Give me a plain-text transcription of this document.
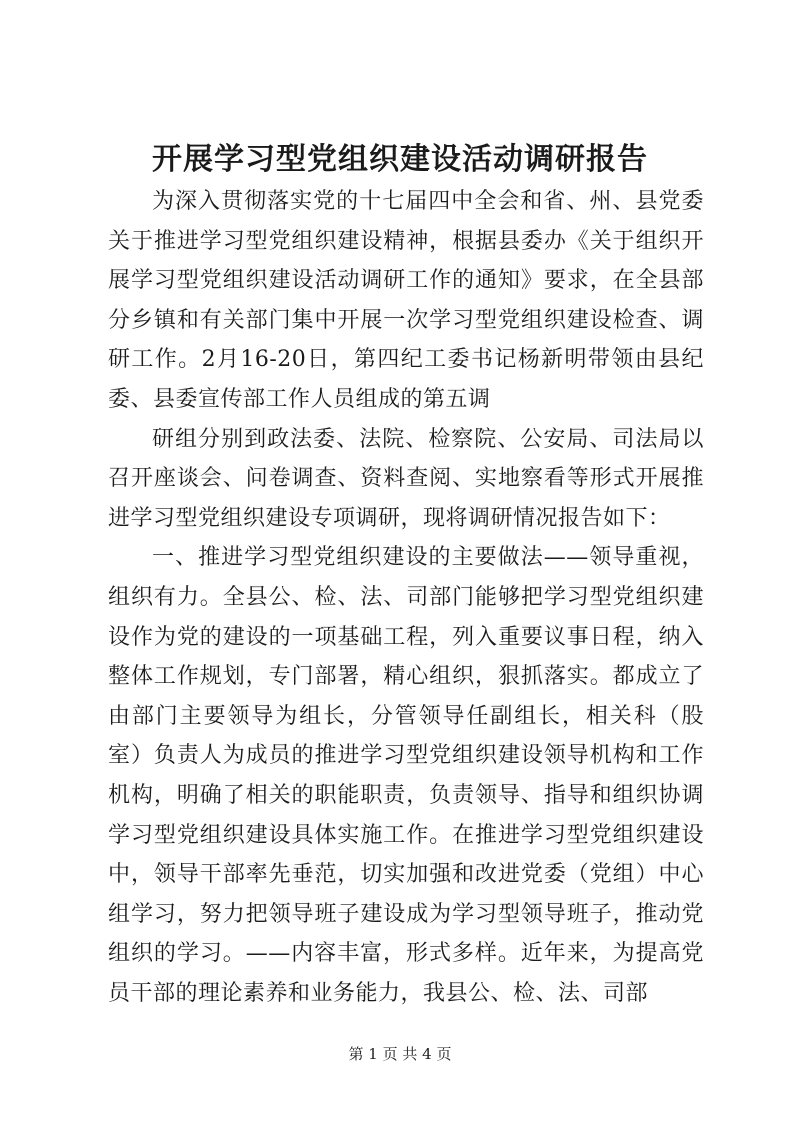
开展学习型党组织建设活动调研报告

为深入贯彻落实党的十七届四中全会和省、州、县党委关于推进学习型党组织建设精神，根据县委办《关于组织开展学习型党组织建设活动调研工作的通知》要求，在全县部分乡镇和有关部门集中开展一次学习型党组织建设检查、调研工作。2月16-20日，第四纪工委书记杨新明带领由县纪委、县委宣传部工作人员组成的第五调

研组分别到政法委、法院、检察院、公安局、司法局以召开座谈会、问卷调查、资料查阅、实地察看等形式开展推进学习型党组织建设专项调研，现将调研情况报告如下：

一、推进学习型党组织建设的主要做法——领导重视，组织有力。全县公、检、法、司部门能够把学习型党组织建设作为党的建设的一项基础工程，列入重要议事日程，纳入整体工作规划，专门部署，精心组织，狠抓落实。都成立了由部门主要领导为组长，分管领导任副组长，相关科（股室）负责人为成员的推进学习型党组织建设领导机构和工作机构，明确了相关的职能职责，负责领导、指导和组织协调学习型党组织建设具体实施工作。在推进学习型党组织建设中，领导干部率先垂范，切实加强和改进党委（党组）中心组学习，努力把领导班子建设成为学习型领导班子，推动党组织的学习。——内容丰富，形式多样。近年来，为提高党员干部的理论素养和业务能力，我县公、检、法、司部

第 1 页 共 4 页
